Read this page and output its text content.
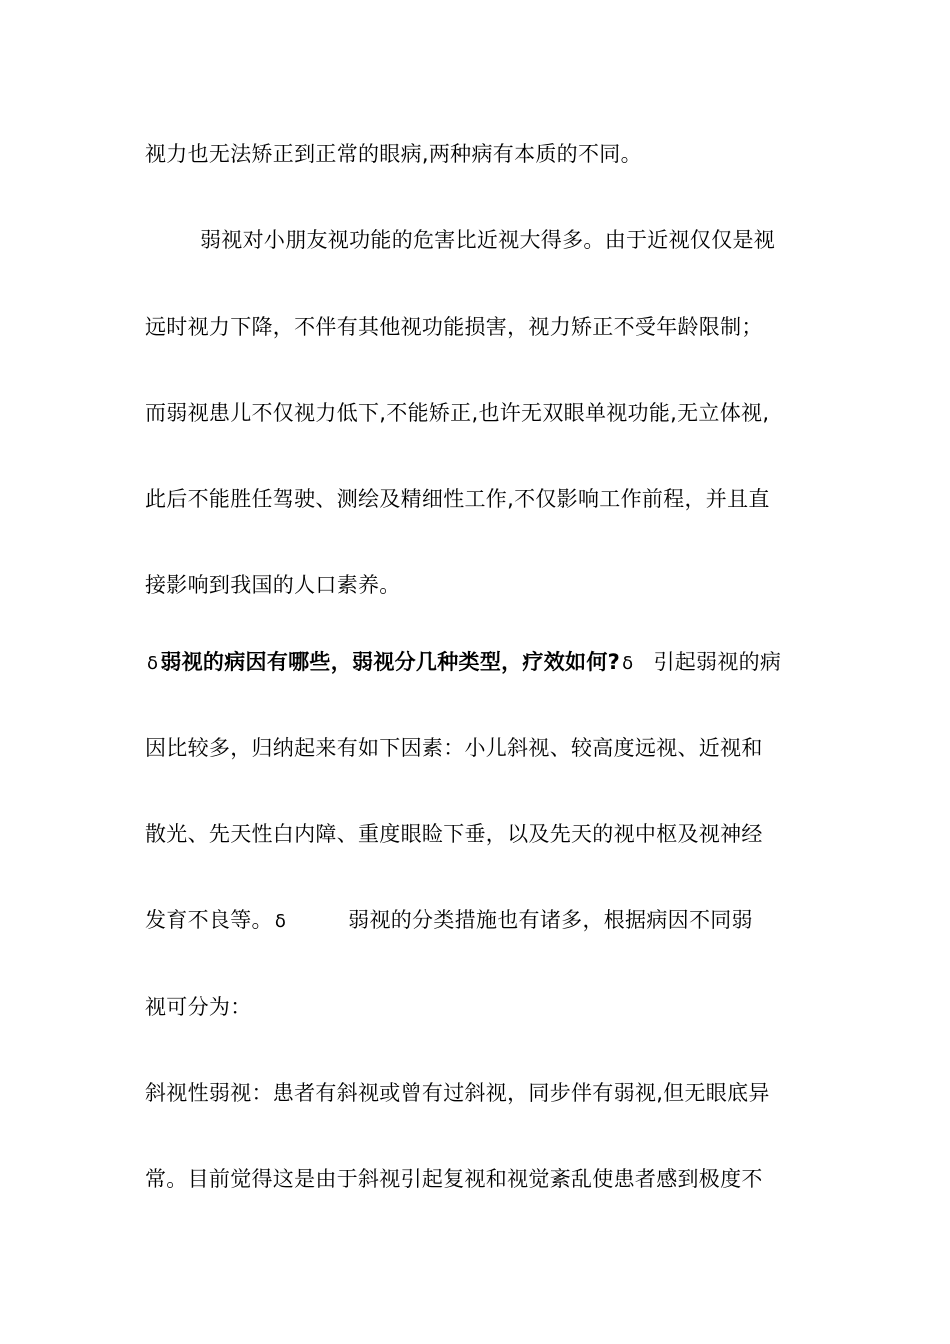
视力也无法矫正到正常的眼病,两种病有本质的不同。
弱视对小朋友视功能的危害比近视大得多。由于近视仅仅是视
远时视力下降，不伴有其他视功能损害，视力矫正不受年龄限制；
而弱视患儿不仅视力低下,不能矫正,也许无双眼单视功能,无立体视,
此后不能胜任驾驶、测绘及精细性工作,不仅影响工作前程，并且直
接影响到我国的人口素养。
ẟ弱视的病因有哪些，弱视分几种类型，疗效如何? ẟ 引起弱视的病
因比较多，归纳起来有如下因素：小儿斜视、较高度远视、近视和
散光、先天性白内障、重度眼睑下垂，以及先天的视中枢及视神经
发育不良等。 ẟ	弱视的分类措施也有诸多，根据病因不同弱
视可分为：
斜视性弱视：患者有斜视或曾有过斜视，同步伴有弱视,但无眼底异
常。目前觉得这是由于斜视引起复视和视觉紊乱使患者感到极度不
